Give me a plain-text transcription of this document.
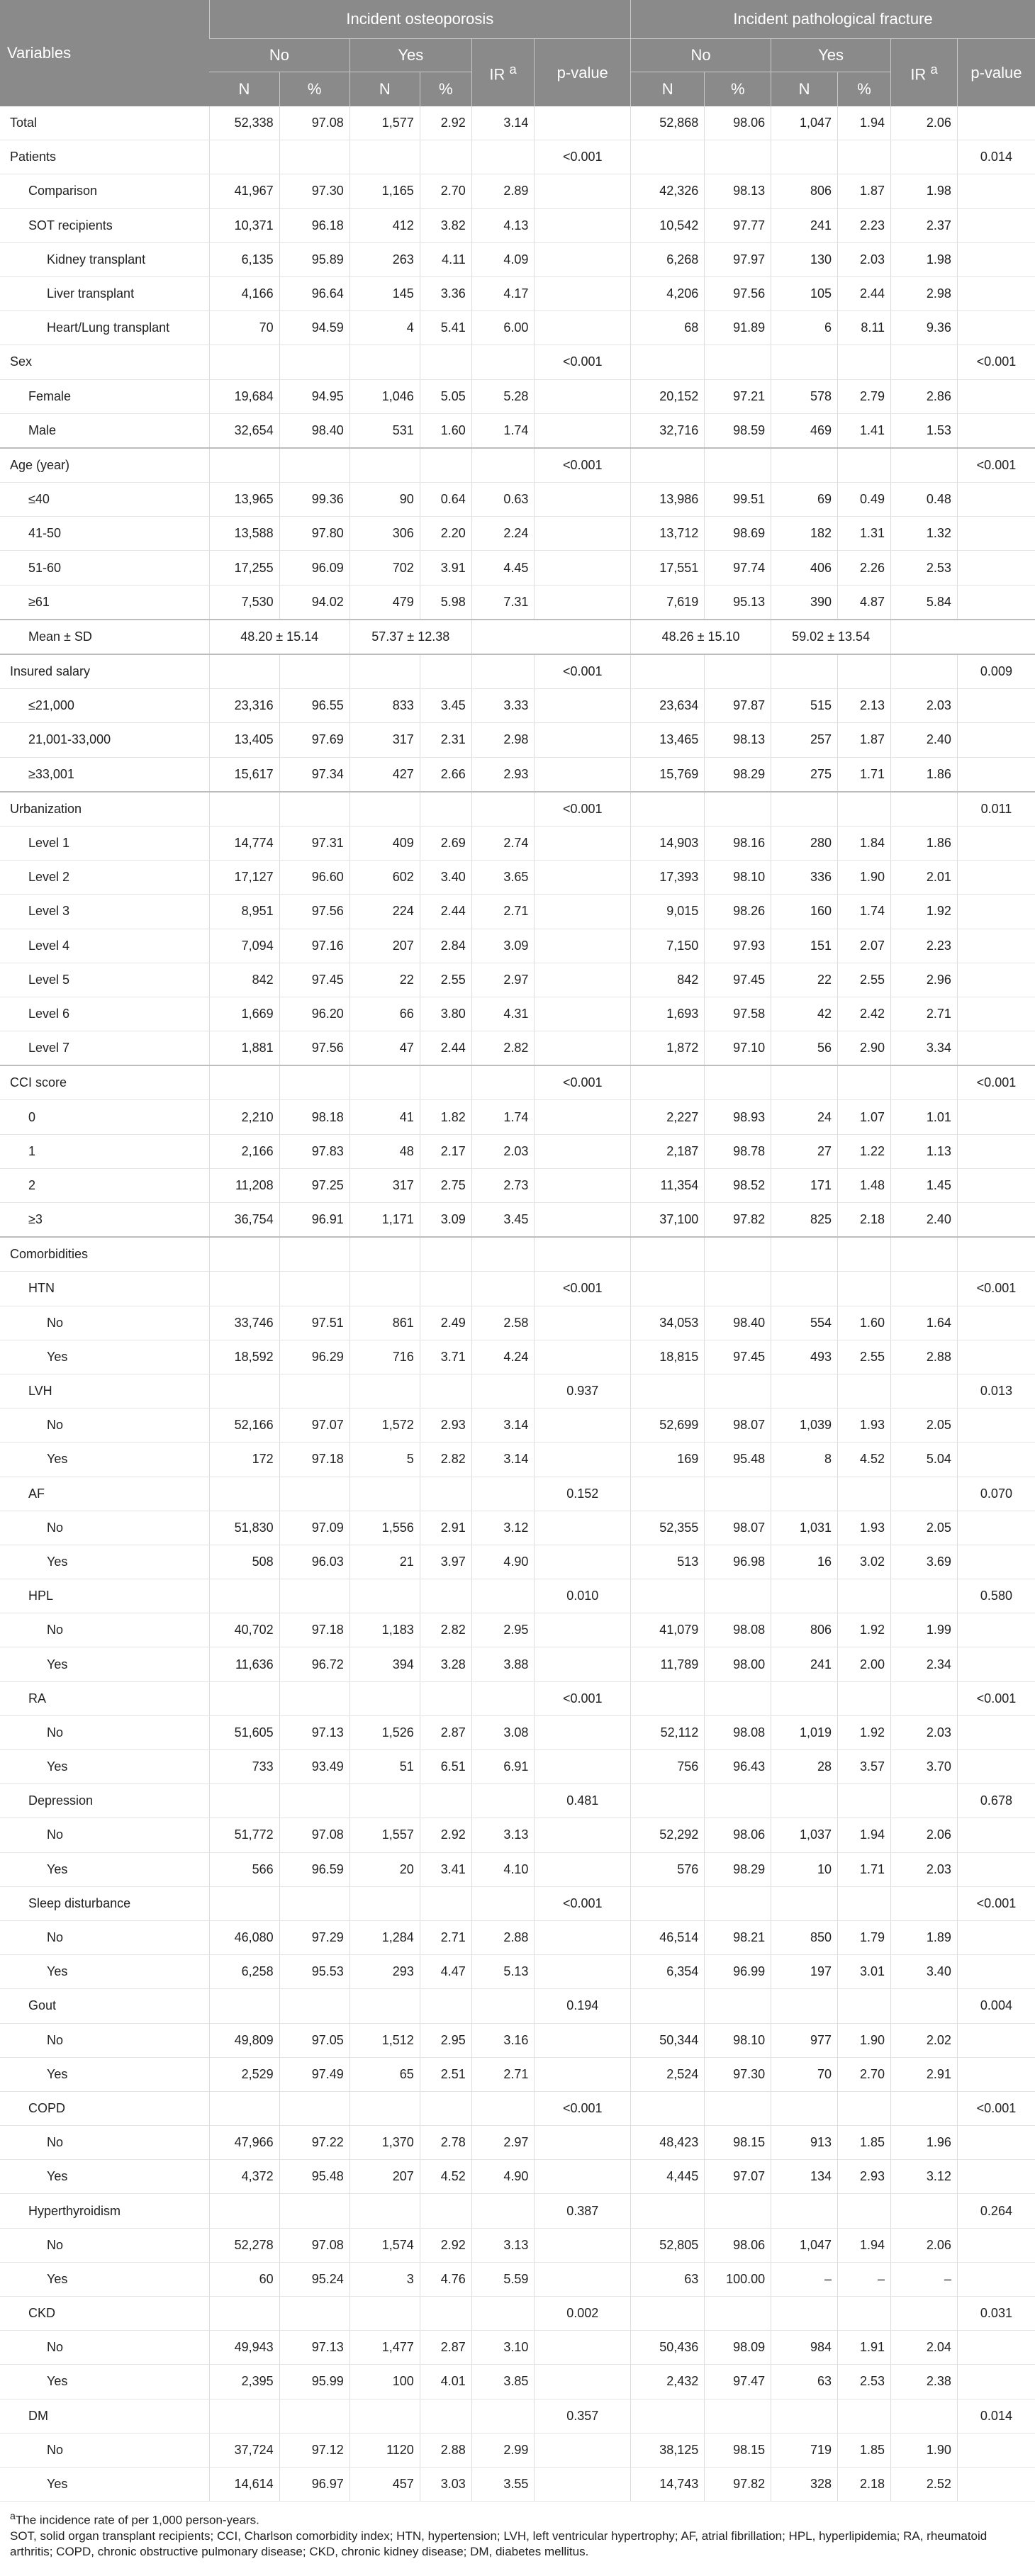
Variables	Incident osteoporosis						Incident pathological fracture					
	No		Yes		IR $^a$	p-value	No		Yes		IR $^a$	p-value
	N	%	N	%			N	%	N	%		
Total	52,338	97.08	1,577	2.92	3.14		52,868	98.06	1,047	1.94	2.06	
Patients						<0.001						0.014
Comparison	41,967	97.30	1,165	2.70	2.89		42,326	98.13	806	1.87	1.98	
SOT recipients	10,371	96.18	412	3.82	4.13		10,542	97.77	241	2.23	2.37	
Kidney transplant	6,135	95.89	263	4.11	4.09		6,268	97.97	130	2.03	1.98	
Liver transplant	4,166	96.64	145	3.36	4.17		4,206	97.56	105	2.44	2.98	
Heart/Lung transplant	70	94.59	4	5.41	6.00		68	91.89	6	8.11	9.36	
Sex						<0.001						<0.001
Female	19,684	94.95	1,046	5.05	5.28		20,152	97.21	578	2.79	2.86	
Male	32,654	98.40	531	1.60	1.74		32,716	98.59	469	1.41	1.53	
Age (year)						<0.001						<0.001
≤40	13,965	99.36	90	0.64	0.63		13,986	99.51	69	0.49	0.48	
41-50	13,588	97.80	306	2.20	2.24		13,712	98.69	182	1.31	1.32	
51-60	17,255	96.09	702	3.91	4.45		17,551	97.74	406	2.26	2.53	
≥61	7,530	94.02	479	5.98	7.31		7,619	95.13	390	4.87	5.84	
Mean ± SD	48.20 ± 15.14		57.37 ± 12.38				48.26 ± 15.10		59.02 ± 13.54			
Insured salary						<0.001						0.009
≤21,000	23,316	96.55	833	3.45	3.33		23,634	97.87	515	2.13	2.03	
21,001-33,000	13,405	97.69	317	2.31	2.98		13,465	98.13	257	1.87	2.40	
≥33,001	15,617	97.34	427	2.66	2.93		15,769	98.29	275	1.71	1.86	
Urbanization						<0.001						0.011
Level 1	14,774	97.31	409	2.69	2.74		14,903	98.16	280	1.84	1.86	
Level 2	17,127	96.60	602	3.40	3.65		17,393	98.10	336	1.90	2.01	
Level 3	8,951	97.56	224	2.44	2.71		9,015	98.26	160	1.74	1.92	
Level 4	7,094	97.16	207	2.84	3.09		7,150	97.93	151	2.07	2.23	
Level 5	842	97.45	22	2.55	2.97		842	97.45	22	2.55	2.96	
Level 6	1,669	96.20	66	3.80	4.31		1,693	97.58	42	2.42	2.71	
Level 7	1,881	97.56	47	2.44	2.82		1,872	97.10	56	2.90	3.34	
CCI score						<0.001						<0.001
0	2,210	98.18	41	1.82	1.74		2,227	98.93	24	1.07	1.01	
1	2,166	97.83	48	2.17	2.03		2,187	98.78	27	1.22	1.13	
2	11,208	97.25	317	2.75	2.73		11,354	98.52	171	1.48	1.45	
≥3	36,754	96.91	1,171	3.09	3.45		37,100	97.82	825	2.18	2.40	
Comorbidities												
HTN						<0.001						<0.001
No	33,746	97.51	861	2.49	2.58		34,053	98.40	554	1.60	1.64	
Yes	18,592	96.29	716	3.71	4.24		18,815	97.45	493	2.55	2.88	
LVH						0.937						0.013
No	52,166	97.07	1,572	2.93	3.14		52,699	98.07	1,039	1.93	2.05	
Yes	172	97.18	5	2.82	3.14		169	95.48	8	4.52	5.04	
AF						0.152						0.070
No	51,830	97.09	1,556	2.91	3.12		52,355	98.07	1,031	1.93	2.05	
Yes	508	96.03	21	3.97	4.90		513	96.98	16	3.02	3.69	
HPL						0.010						0.580
No	40,702	97.18	1,183	2.82	2.95		41,079	98.08	806	1.92	1.99	
Yes	11,636	96.72	394	3.28	3.88		11,789	98.00	241	2.00	2.34	
RA						<0.001						<0.001
No	51,605	97.13	1,526	2.87	3.08		52,112	98.08	1,019	1.92	2.03	
Yes	733	93.49	51	6.51	6.91		756	96.43	28	3.57	3.70	
Depression						0.481						0.678
No	51,772	97.08	1,557	2.92	3.13		52,292	98.06	1,037	1.94	2.06	
Yes	566	96.59	20	3.41	4.10		576	98.29	10	1.71	2.03	
Sleep disturbance						<0.001						<0.001
No	46,080	97.29	1,284	2.71	2.88		46,514	98.21	850	1.79	1.89	
Yes	6,258	95.53	293	4.47	5.13		6,354	96.99	197	3.01	3.40	
Gout						0.194						0.004
No	49,809	97.05	1,512	2.95	3.16		50,344	98.10	977	1.90	2.02	
Yes	2,529	97.49	65	2.51	2.71		2,524	97.30	70	2.70	2.91	
COPD						<0.001						<0.001
No	47,966	97.22	1,370	2.78	2.97		48,423	98.15	913	1.85	1.96	
Yes	4,372	95.48	207	4.52	4.90		4,445	97.07	134	2.93	3.12	
Hyperthyroidism						0.387						0.264
No	52,278	97.08	1,574	2.92	3.13		52,805	98.06	1,047	1.94	2.06	
Yes	60	95.24	3	4.76	5.59		63	100.00	–	–	–	
CKD						0.002						0.031
No	49,943	97.13	1,477	2.87	3.10		50,436	98.09	984	1.91	2.04	
Yes	2,395	95.99	100	4.01	3.85		2,432	97.47	63	2.53	2.38	
DM						0.357						0.014
No	37,724	97.12	1120	2.88	2.99		38,125	98.15	719	1.85	1.90	
Yes	14,614	96.97	457	3.03	3.55		14,743	97.82	328	2.18	2.52	

$^a$The incidence rate of per 1,000 person-years.

SOT, solid organ transplant recipients; CCI, Charlson comorbidity index; HTN, hypertension; LVH, left ventricular hypertrophy; AF, atrial fibrillation; HPL, hyperlipidemia; RA, rheumatoid arthritis; COPD, chronic obstructive pulmonary disease; CKD, chronic kidney disease; DM, diabetes mellitus.
